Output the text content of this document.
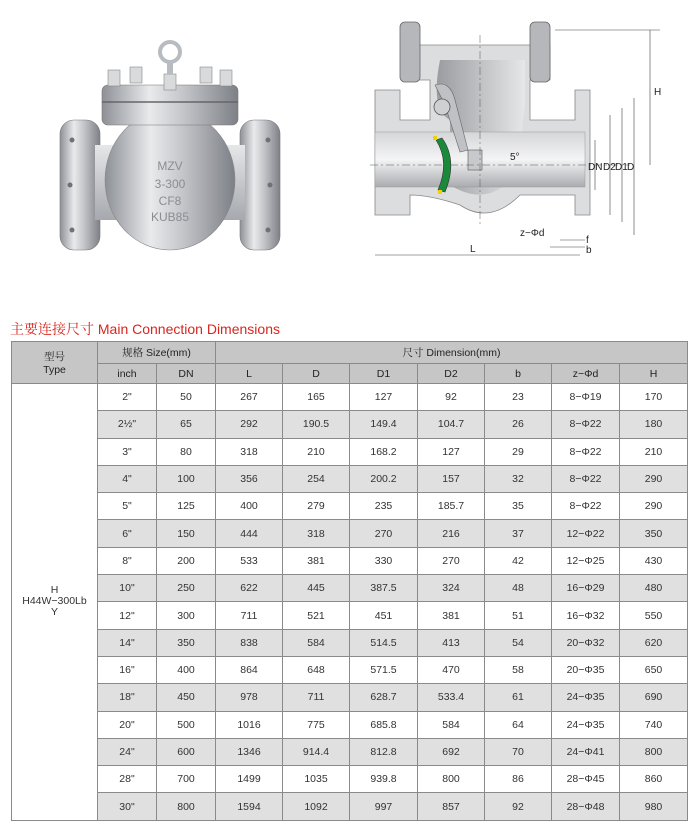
MZV
3-300
CF8
KUB85
H
DN D2 D1 D
5°
z−Φd
f
b
L
主要连接尺寸 Main Connection Dimensions
型号
Type	规格 Size(mm)		尺寸 Dimension(mm)						
	inch	DN	L	D	D1	D2	b	z−Φd	H

H
H44W−300Lb
Y	2"	50	267	165	127	92	23	8−Φ19	170
	2½"	65	292	190.5	149.4	104.7	26	8−Φ22	180
	3"	80	318	210	168.2	127	29	8−Φ22	210
	4"	100	356	254	200.2	157	32	8−Φ22	290
	5"	125	400	279	235	185.7	35	8−Φ22	290
	6"	150	444	318	270	216	37	12−Φ22	350
	8"	200	533	381	330	270	42	12−Φ25	430
	10"	250	622	445	387.5	324	48	16−Φ29	480
	12"	300	711	521	451	381	51	16−Φ32	550
	14"	350	838	584	514.5	413	54	20−Φ32	620
	16"	400	864	648	571.5	470	58	20−Φ35	650
	18"	450	978	711	628.7	533.4	61	24−Φ35	690
	20"	500	1016	775	685.8	584	64	24−Φ35	740
	24"	600	1346	914.4	812.8	692	70	24−Φ41	800
	28"	700	1499	1035	939.8	800	86	28−Φ45	860
	30"	800	1594	1092	997	857	92	28−Φ48	980
